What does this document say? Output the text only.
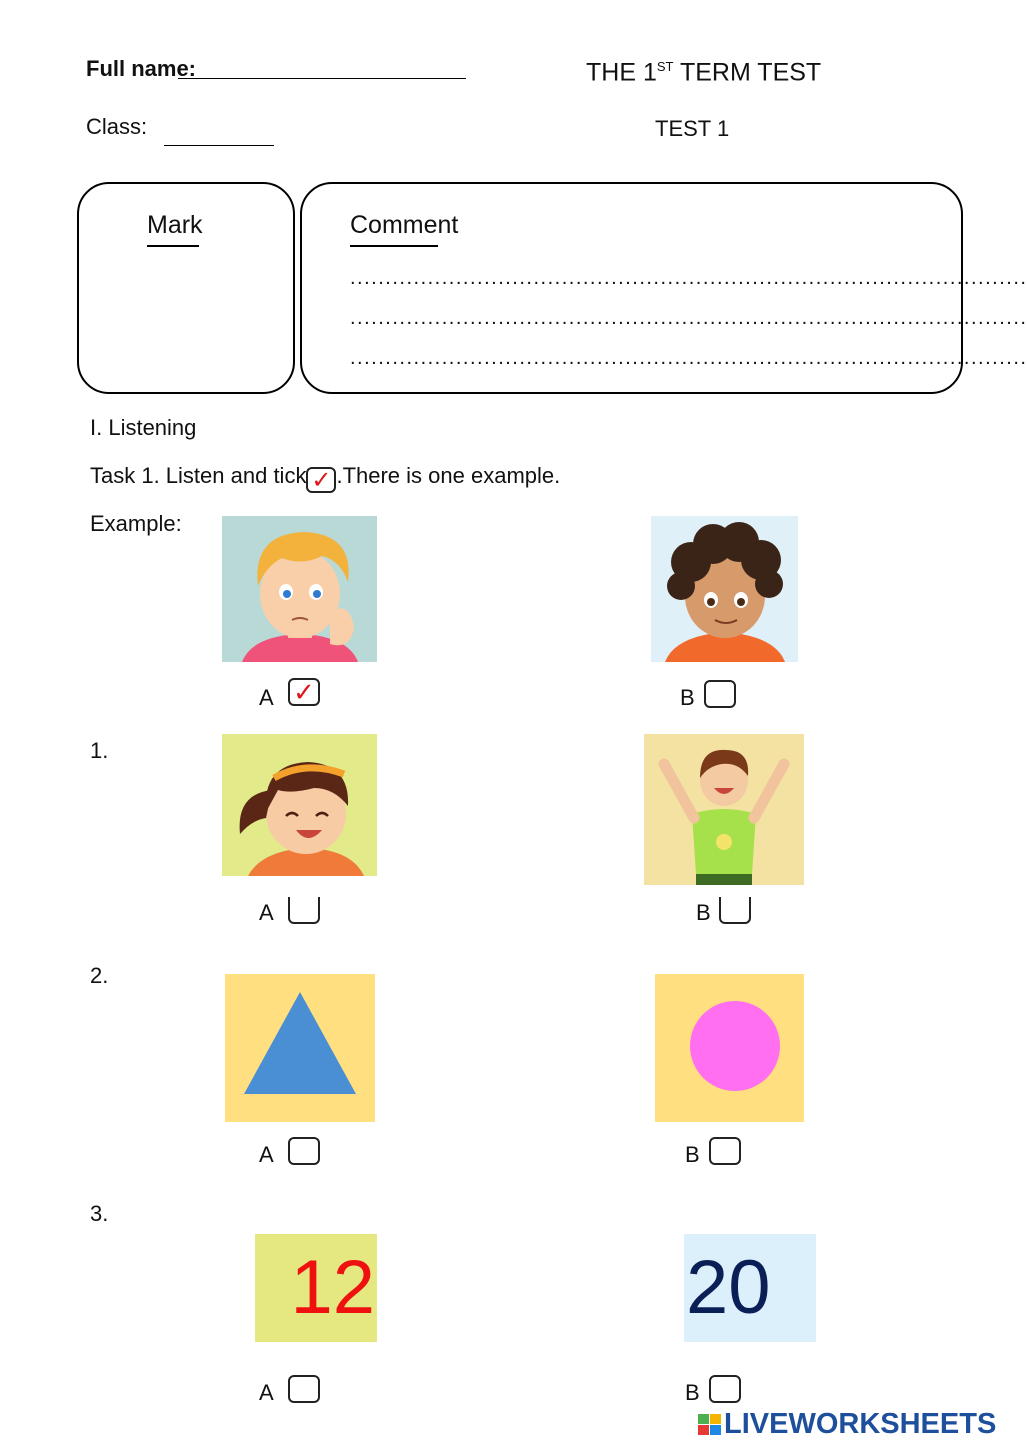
Full name:	THE 1ST TERM TEST
Class:	TEST 1
Mark	Comment
................................................................................................
................................................................................................
................................................................................................
I. Listening
Task 1. Listen and tick ✓ .There is one example.
Example:
A ✓	B
1.
A	B
2.
A	B
3.
12	20
A	B
LIVEWORKSHEETS
